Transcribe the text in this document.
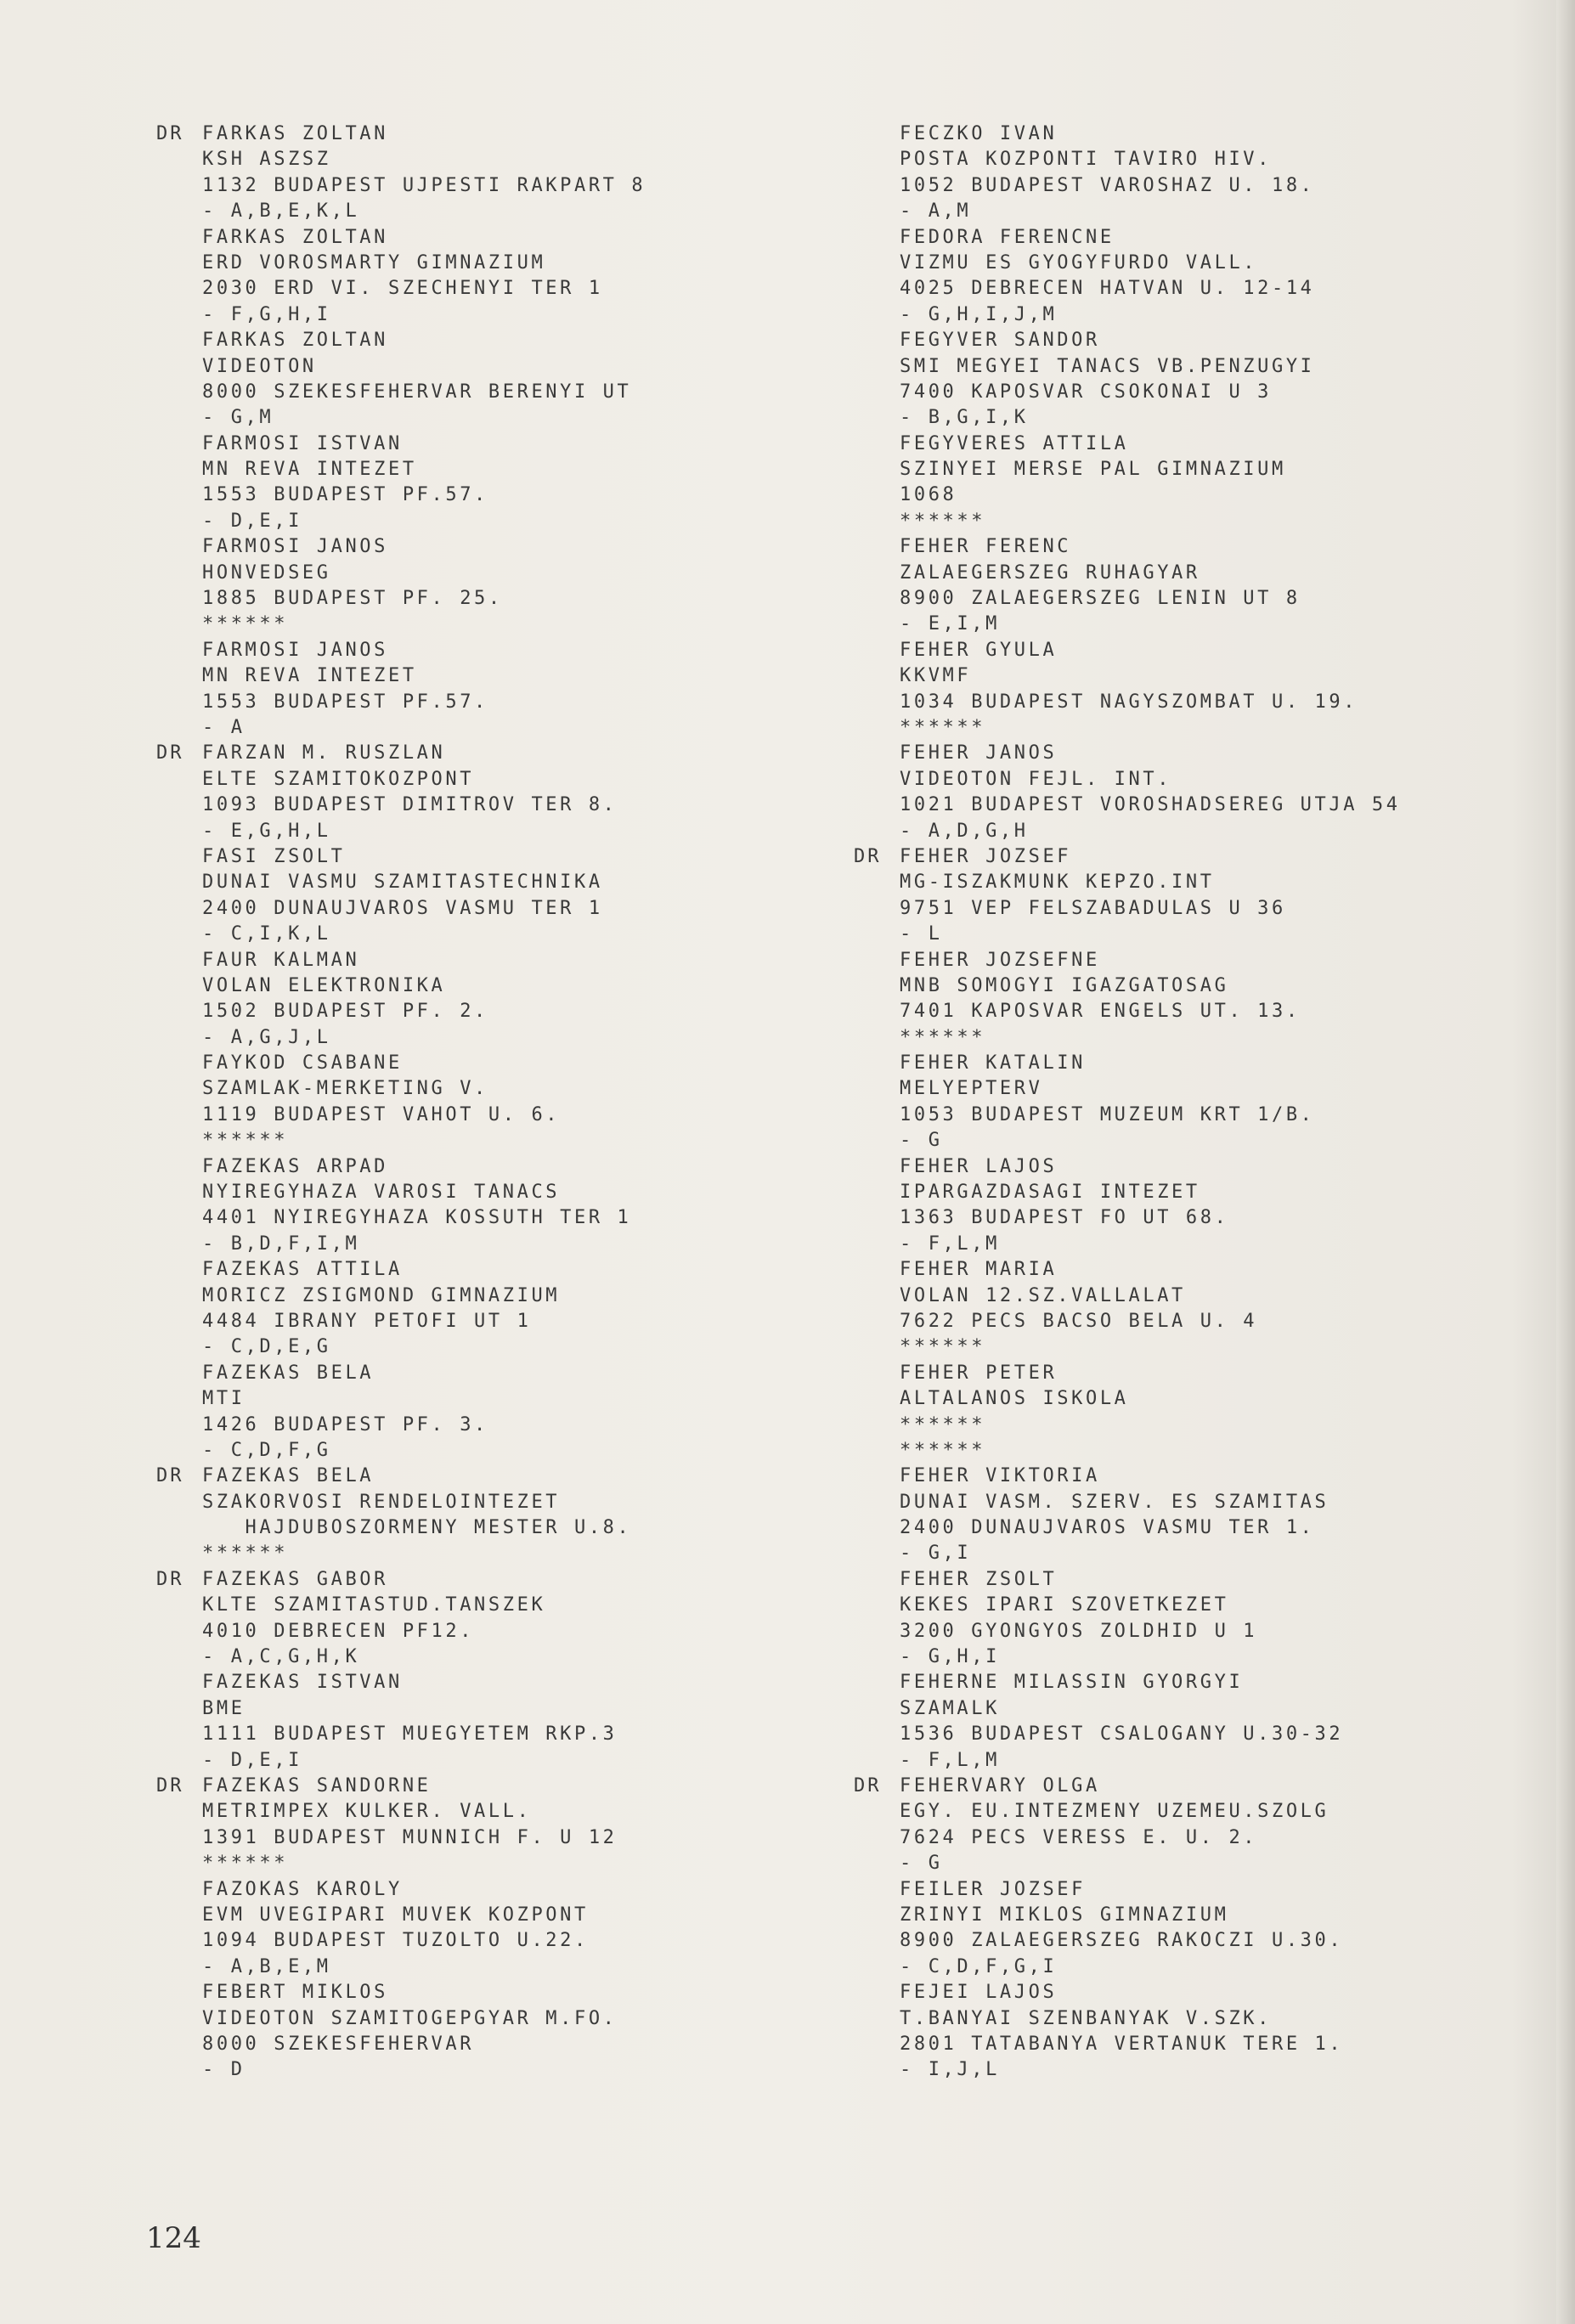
DR FARKAS ZOLTAN
KSH ASZSZ
1132 BUDAPEST UJPESTI RAKPART 8
- A,B,E,K,L
FARKAS ZOLTAN
ERD VOROSMARTY GIMNAZIUM
2030 ERD VI. SZECHENYI TER 1
- F,G,H,I
FARKAS ZOLTAN
VIDEOTON
8000 SZEKESFEHERVAR BERENYI UT
- G,M
FARMOSI ISTVAN
MN REVA INTEZET
1553 BUDAPEST PF.57.
- D,E,I
FARMOSI JANOS
HONVEDSEG
1885 BUDAPEST PF. 25.
******
FARMOSI JANOS
MN REVA INTEZET
1553 BUDAPEST PF.57.
- A
DR FARZAN M. RUSZLAN
ELTE SZAMITOKOZPONT
1093 BUDAPEST DIMITROV TER 8.
- E,G,H,L
FASI ZSOLT
DUNAI VASMU SZAMITASTECHNIKA
2400 DUNAUJVAROS VASMU TER 1
- C,I,K,L
FAUR KALMAN
VOLAN ELEKTRONIKA
1502 BUDAPEST PF. 2.
- A,G,J,L
FAYKOD CSABANE
SZAMLAK-MERKETING V.
1119 BUDAPEST VAHOT U. 6.
******
FAZEKAS ARPAD
NYIREGYHAZA VAROSI TANACS
4401 NYIREGYHAZA KOSSUTH TER 1
- B,D,F,I,M
FAZEKAS ATTILA
MORICZ ZSIGMOND GIMNAZIUM
4484 IBRANY PETOFI UT 1
- C,D,E,G
FAZEKAS BELA
MTI
1426 BUDAPEST PF. 3.
- C,D,F,G
DR FAZEKAS BELA
SZAKORVOSI RENDELOINTEZET
HAJDUBOSZORMENY MESTER U.8.
******
DR FAZEKAS GABOR
KLTE SZAMITASTUD.TANSZEK
4010 DEBRECEN PF12.
- A,C,G,H,K
FAZEKAS ISTVAN
BME
1111 BUDAPEST MUEGYETEM RKP.3
- D,E,I
DR FAZEKAS SANDORNE
METRIMPEX KULKER. VALL.
1391 BUDAPEST MUNNICH F. U 12
******
FAZOKAS KAROLY
EVM UVEGIPARI MUVEK KOZPONT
1094 BUDAPEST TUZOLTO U.22.
- A,B,E,M
FEBERT MIKLOS
VIDEOTON SZAMITOGEPGYAR M.FO.
8000 SZEKESFEHERVAR
- D
FECZKO IVAN
POSTA KOZPONTI TAVIRO HIV.
1052 BUDAPEST VAROSHAZ U. 18.
- A,M
FEDORA FERENCNE
VIZMU ES GYOGYFURDO VALL.
4025 DEBRECEN HATVAN U. 12-14
- G,H,I,J,M
FEGYVER SANDOR
SMI MEGYEI TANACS VB.PENZUGYI
7400 KAPOSVAR CSOKONAI U 3
- B,G,I,K
FEGYVERES ATTILA
SZINYEI MERSE PAL GIMNAZIUM
1068
******
FEHER FERENC
ZALAEGERSZEG RUHAGYAR
8900 ZALAEGERSZEG LENIN UT 8
- E,I,M
FEHER GYULA
KKVMF
1034 BUDAPEST NAGYSZOMBAT U. 19.
******
FEHER JANOS
VIDEOTON FEJL. INT.
1021 BUDAPEST VOROSHADSEREG UTJA 54
- A,D,G,H
DR FEHER JOZSEF
MG-ISZAKMUNK KEPZO.INT
9751 VEP FELSZABADULAS U 36
- L
FEHER JOZSEFNE
MNB SOMOGYI IGAZGATOSAG
7401 KAPOSVAR ENGELS UT. 13.
******
FEHER KATALIN
MELYEPTERV
1053 BUDAPEST MUZEUM KRT 1/B.
- G
FEHER LAJOS
IPARGAZDASAGI INTEZET
1363 BUDAPEST FO UT 68.
- F,L,M
FEHER MARIA
VOLAN 12.SZ.VALLALAT
7622 PECS BACSO BELA U. 4
******
FEHER PETER
ALTALANOS ISKOLA
******
******
FEHER VIKTORIA
DUNAI VASM. SZERV. ES SZAMITAS
2400 DUNAUJVAROS VASMU TER 1.
- G,I
FEHER ZSOLT
KEKES IPARI SZOVETKEZET
3200 GYONGYOS ZOLDHID U 1
- G,H,I
FEHERNE MILASSIN GYORGYI
SZAMALK
1536 BUDAPEST CSALOGANY U.30-32
- F,L,M
DR FEHERVARY OLGA
EGY. EU.INTEZMENY UZEMEU.SZOLG
7624 PECS VERESS E. U. 2.
- G
FEILER JOZSEF
ZRINYI MIKLOS GIMNAZIUM
8900 ZALAEGERSZEG RAKOCZI U.30.
- C,D,F,G,I
FEJEI LAJOS
T.BANYAI SZENBANYAK V.SZK.
2801 TATABANYA VERTANUK TERE 1.
- I,J,L
124
